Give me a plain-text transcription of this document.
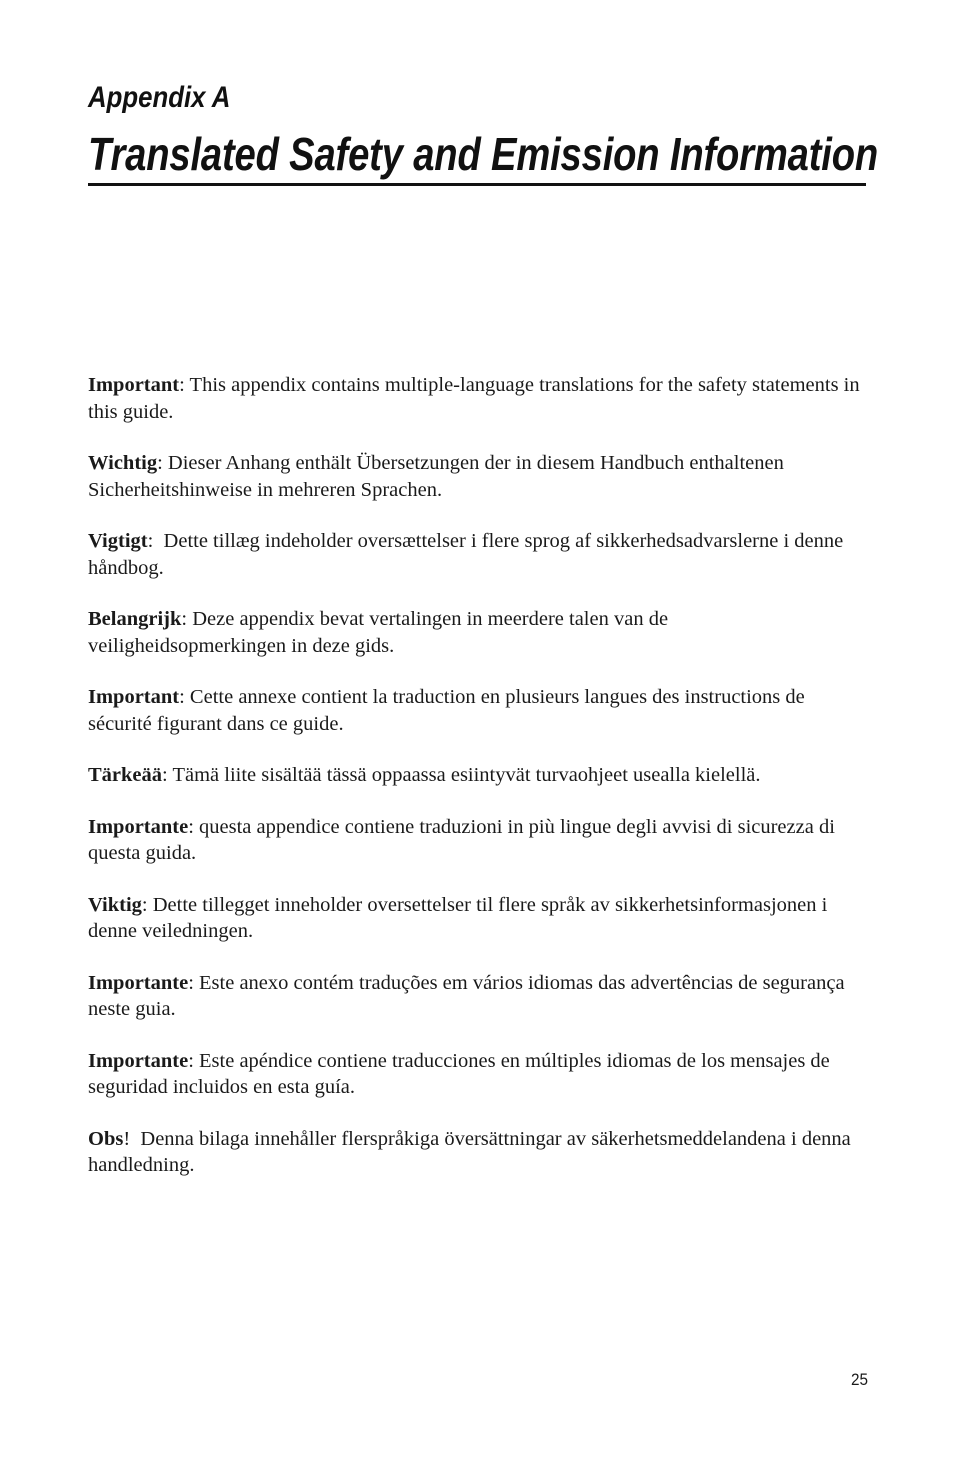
Appendix A
Translated Safety and Emission Information

Important: This appendix contains multiple-language translations for the safety statements in this guide.

Wichtig: Dieser Anhang enthält Übersetzungen der in diesem Handbuch enthaltenen Sicherheitshinweise in mehreren Sprachen.

Vigtigt:  Dette tillæg indeholder oversættelser i flere sprog af sikkerhedsadvarslerne i denne håndbog.

Belangrijk: Deze appendix bevat vertalingen in meerdere talen van de veiligheidsopmerkingen in deze gids.

Important: Cette annexe contient la traduction en plusieurs langues des instructions de sécurité figurant dans ce guide.

Tärkeää: Tämä liite sisältää tässä oppaassa esiintyvät turvaohjeet usealla kielellä.

Importante: questa appendice contiene traduzioni in più lingue degli avvisi di sicurezza di questa guida.

Viktig: Dette tillegget inneholder oversettelser til flere språk av sikkerhetsinformasjonen i denne veiledningen.

Importante: Este anexo contém traduções em vários idiomas das advertências de segurança neste guia.

Importante: Este apéndice contiene traducciones en múltiples idiomas de los mensajes de seguridad incluidos en esta guía.

Obs!  Denna bilaga innehåller flerspråkiga översättningar av säkerhetsmeddelandena i denna handledning.

25
